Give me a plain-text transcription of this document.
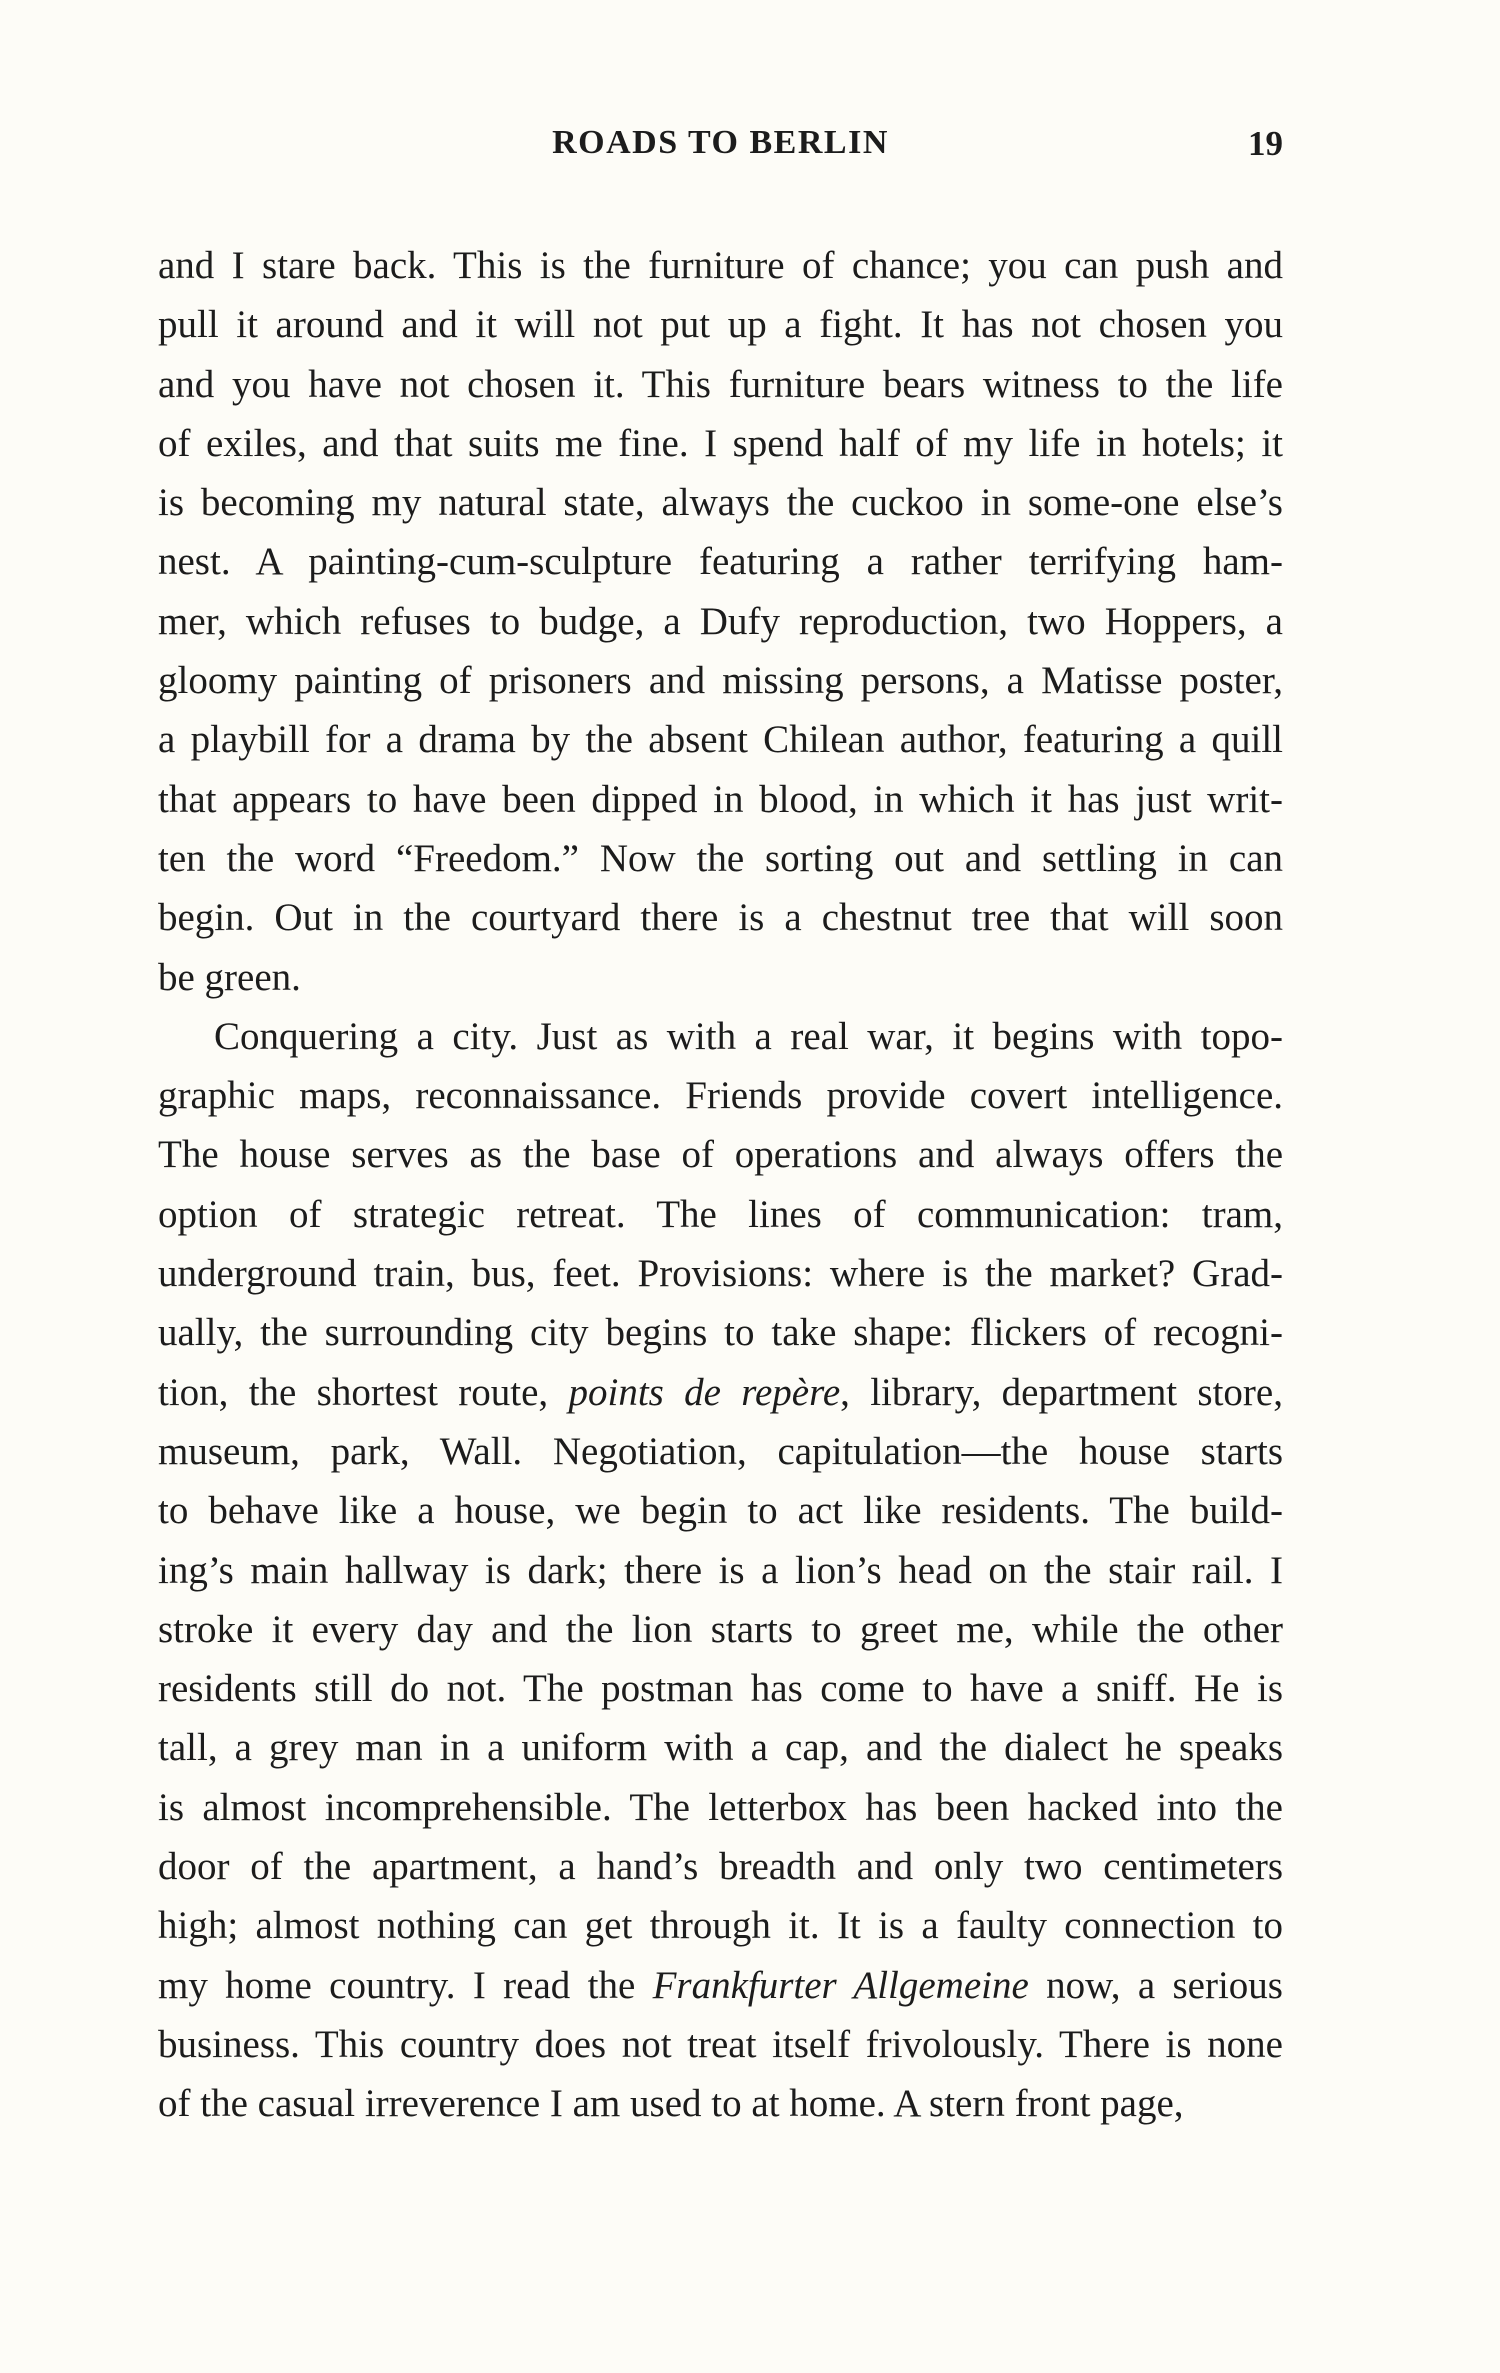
ROADS TO BERLIN	19
and I stare back. This is the furniture of chance; you can push and
pull it around and it will not put up a fight. It has not chosen you
and you have not chosen it. This furniture bears witness to the life
of exiles, and that suits me fine. I spend half of my life in hotels; it
is becoming my natural state, always the cuckoo in some-one else’s
nest. A painting-cum-sculpture featuring a rather terrifying ham-
mer, which refuses to budge, a Dufy reproduction, two Hoppers, a
gloomy painting of prisoners and missing persons, a Matisse poster,
a playbill for a drama by the absent Chilean author, featuring a quill
that appears to have been dipped in blood, in which it has just writ-
ten the word “Freedom.” Now the sorting out and settling in can
begin. Out in the courtyard there is a chestnut tree that will soon
be green.
Conquering a city. Just as with a real war, it begins with topo-
graphic maps, reconnaissance. Friends provide covert intelligence.
The house serves as the base of operations and always offers the
option of strategic retreat. The lines of communication: tram,
underground train, bus, feet. Provisions: where is the market? Grad-
ually, the surrounding city begins to take shape: flickers of recogni-
tion, the shortest route, points de repère, library, department store,
museum, park, Wall. Negotiation, capitulation—the house starts
to behave like a house, we begin to act like residents. The build-
ing’s main hallway is dark; there is a lion’s head on the stair rail. I
stroke it every day and the lion starts to greet me, while the other
residents still do not. The postman has come to have a sniff. He is
tall, a grey man in a uniform with a cap, and the dialect he speaks
is almost incomprehensible. The letterbox has been hacked into the
door of the apartment, a hand’s breadth and only two centimeters
high; almost nothing can get through it. It is a faulty connection to
my home country. I read the Frankfurter Allgemeine now, a serious
business. This country does not treat itself frivolously. There is none
of the casual irreverence I am used to at home. A stern front page,
